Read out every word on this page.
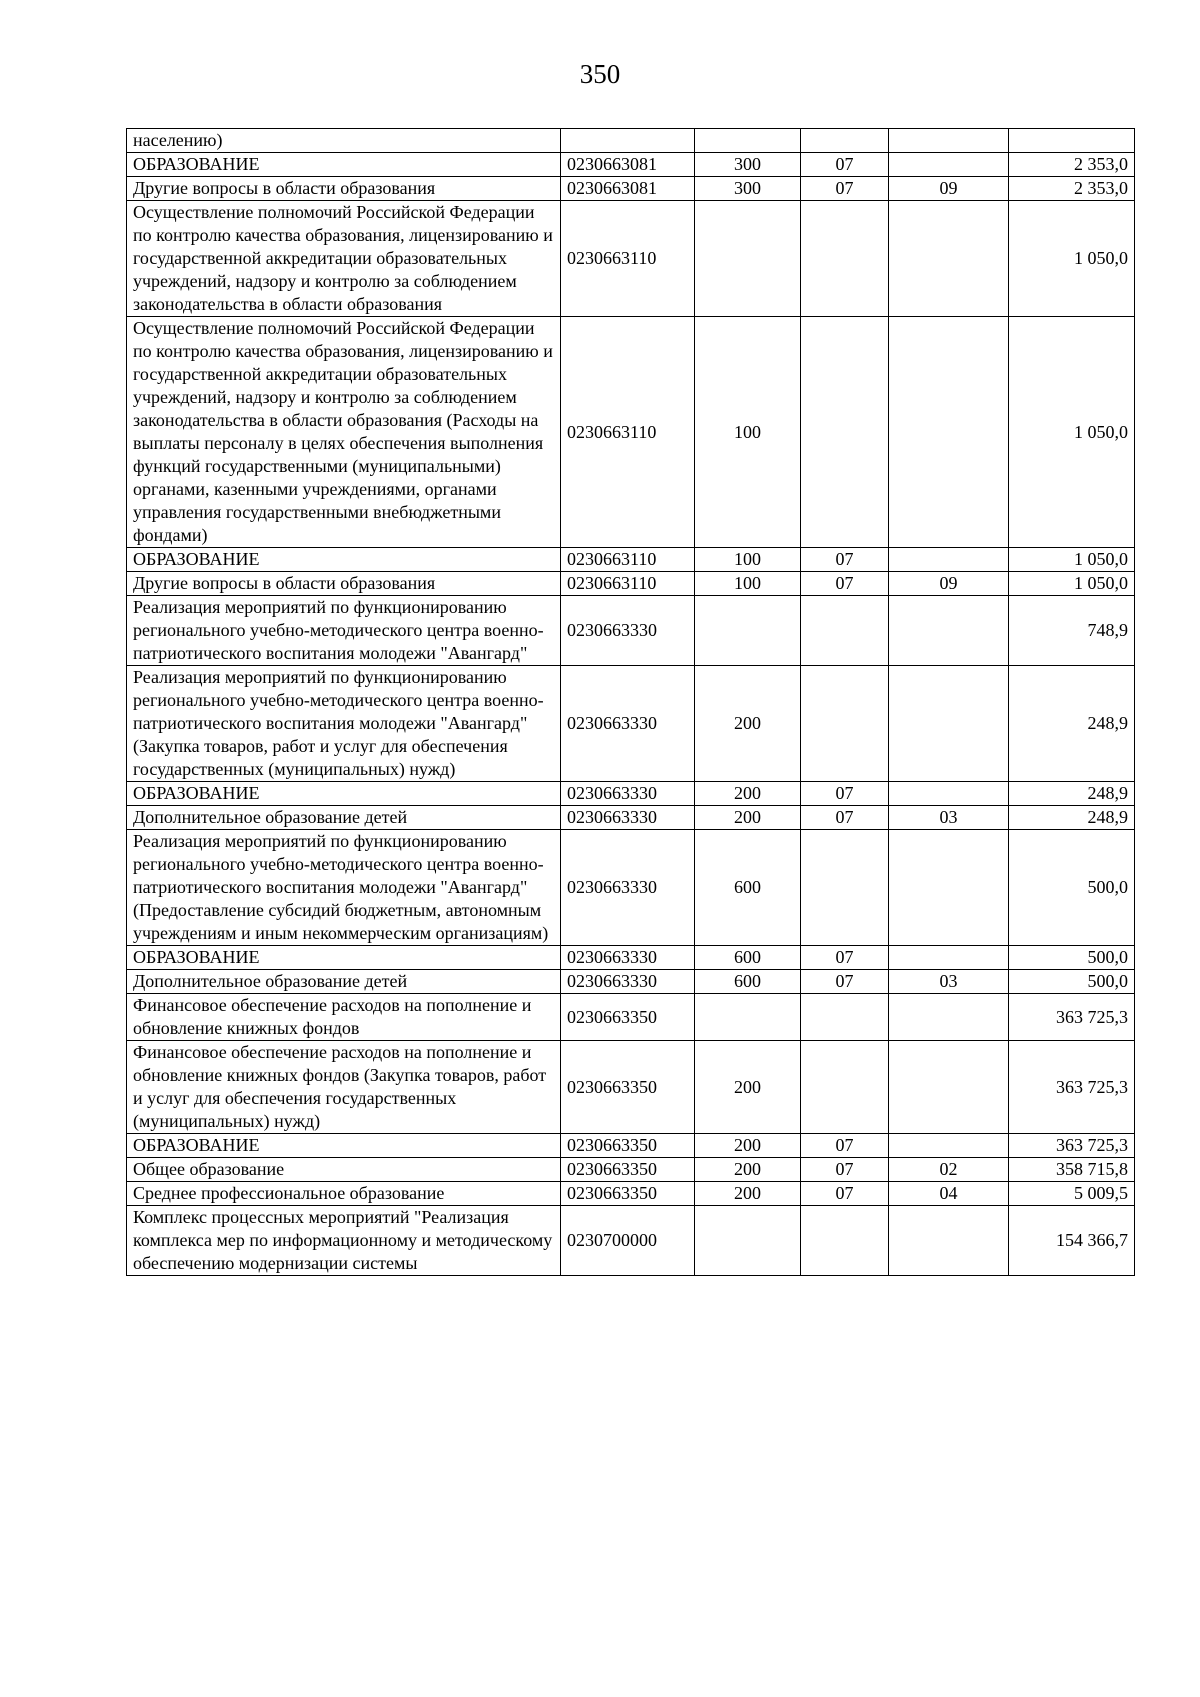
350
населению)					
ОБРАЗОВАНИЕ	0230663081	300	07		2 353,0
Другие вопросы в области образования	0230663081	300	07	09	2 353,0
Осуществление полномочий Российской Федерации по контролю качества образования, лицензированию и государственной аккредитации образовательных учреждений, надзору и контролю за соблюдением законодательства в области образования	0230663110				1 050,0
Осуществление полномочий Российской Федерации по контролю качества образования, лицензированию и государственной аккредитации образовательных учреждений, надзору и контролю за соблюдением законодательства в области образования (Расходы на выплаты персоналу в целях обеспечения выполнения функций государственными (муниципальными) органами, казенными учреждениями, органами управления государственными внебюджетными фондами)	0230663110	100			1 050,0
ОБРАЗОВАНИЕ	0230663110	100	07		1 050,0
Другие вопросы в области образования	0230663110	100	07	09	1 050,0
Реализация мероприятий по функционированию регионального учебно-методического центра военно-патриотического воспитания молодежи "Авангард"	0230663330				748,9
Реализация мероприятий по функционированию регионального учебно-методического центра военно-патриотического воспитания молодежи "Авангард" (Закупка товаров, работ и услуг для обеспечения государственных (муниципальных) нужд)	0230663330	200			248,9
ОБРАЗОВАНИЕ	0230663330	200	07		248,9
Дополнительное образование детей	0230663330	200	07	03	248,9
Реализация мероприятий по функционированию регионального учебно-методического центра военно-патриотического воспитания молодежи "Авангард" (Предоставление субсидий бюджетным, автономным учреждениям и иным некоммерческим организациям)	0230663330	600			500,0
ОБРАЗОВАНИЕ	0230663330	600	07		500,0
Дополнительное образование детей	0230663330	600	07	03	500,0
Финансовое обеспечение расходов на пополнение и обновление книжных фондов	0230663350				363 725,3
Финансовое обеспечение расходов на пополнение и обновление книжных фондов (Закупка товаров, работ и услуг для обеспечения государственных (муниципальных) нужд)	0230663350	200			363 725,3
ОБРАЗОВАНИЕ	0230663350	200	07		363 725,3
Общее образование	0230663350	200	07	02	358 715,8
Среднее профессиональное образование	0230663350	200	07	04	5 009,5
Комплекс процессных мероприятий "Реализация комплекса мер по информационному и методическому обеспечению модернизации системы	0230700000				154 366,7
